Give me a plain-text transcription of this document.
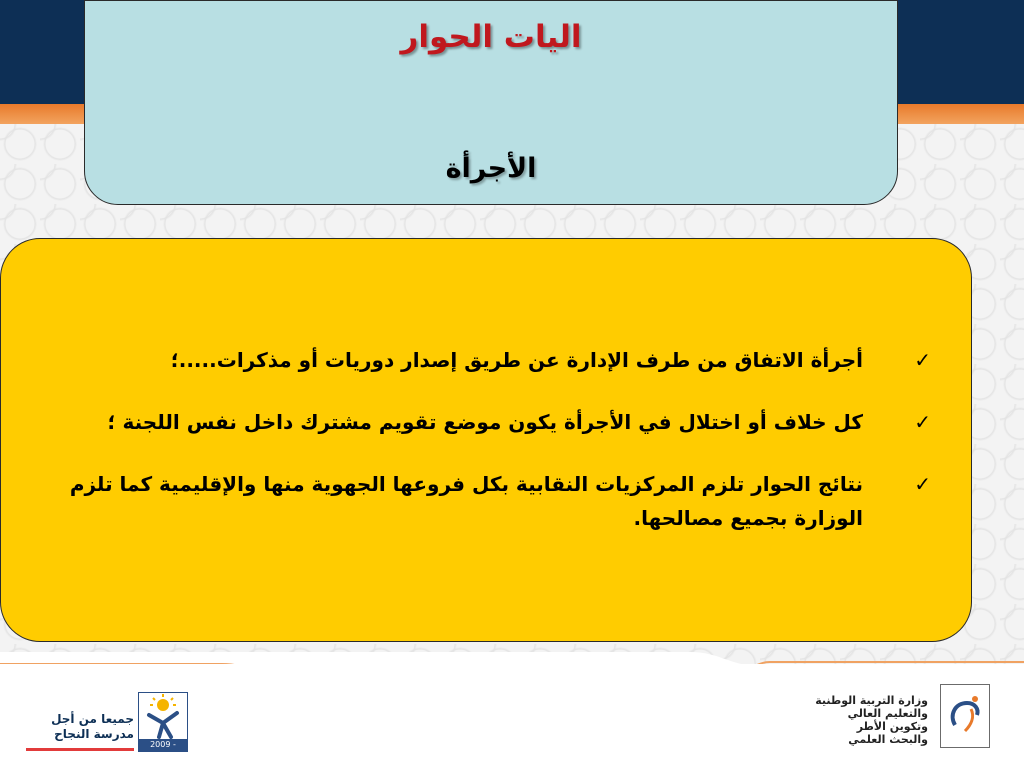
اليات الحوار
الأجرأة
✓
أجرأة الاتفاق من طرف الإدارة عن طريق إصدار دوريات أو مذكرات.....؛
✓
كل خلاف أو اختلال في الأجرأة يكون موضع تقويم مشترك داخل نفس اللجنة ؛
✓
نتائج الحوار تلزم المركزيات النقابية بكل فروعها الجهوية منها والإقليمية كما تلزم الوزارة بجميع مصالحها.
جميعا من أجل
مدرسة النجاح
2009 - 2012
وزارة التربية الوطنية
والتعليم العالي
وتكوين الأطر
والبحث العلمي
